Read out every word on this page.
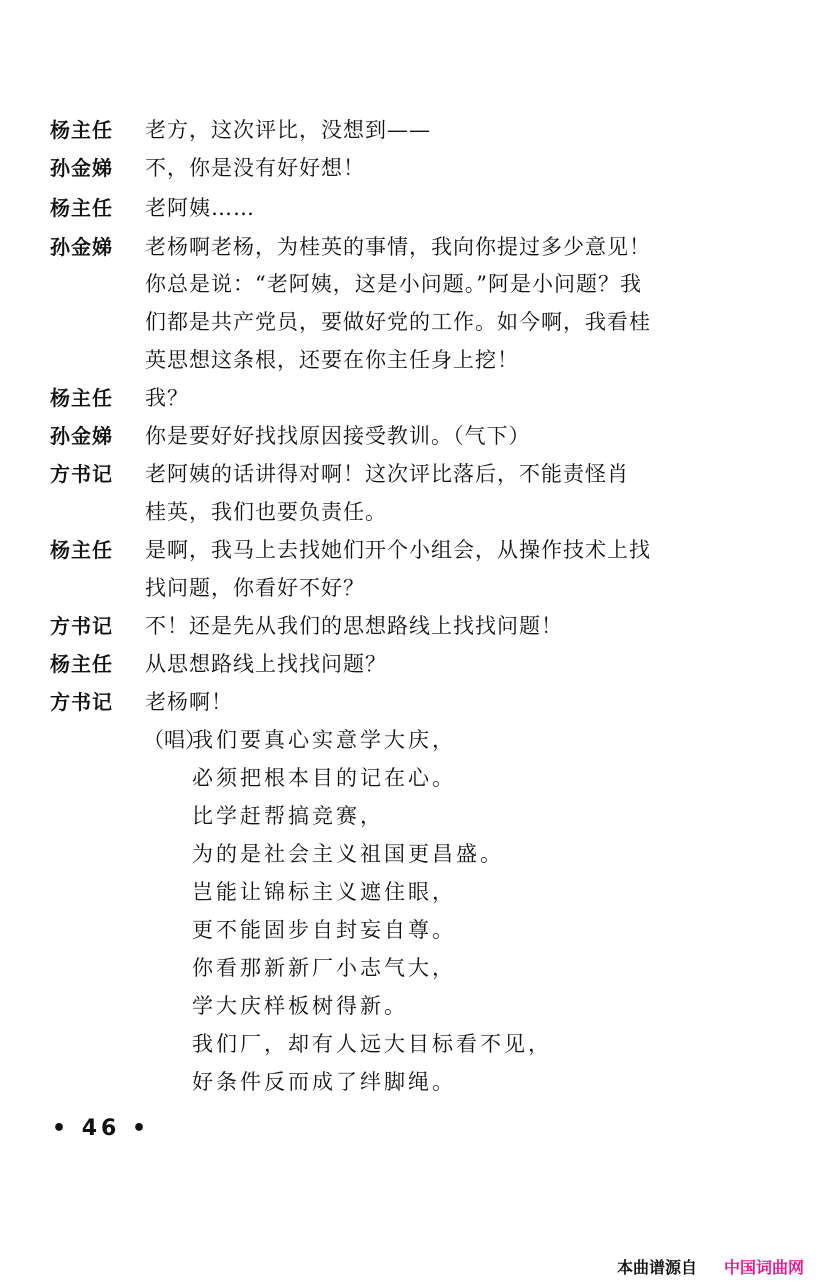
杨主任	老方，这次评比，没想到——
孙金娣	不，你是没有好好想！
杨主任	老阿姨……
孙金娣	老杨啊老杨，为桂英的事情，我向你提过多少意见！
你总是说：“老阿姨，这是小问题。”阿是小问题？我
们都是共产党员，要做好党的工作。如今啊，我看桂
英思想这条根，还要在你主任身上挖！
杨主任	我？
孙金娣	你是要好好找找原因接受教训。（气下）
方书记	老阿姨的话讲得对啊！这次评比落后，不能责怪肖
桂英，我们也要负责任。
杨主任	是啊，我马上去找她们开个小组会，从操作技术上找
找问题，你看好不好？
方书记	不！还是先从我们的思想路线上找找问题！
杨主任	从思想路线上找找问题？
方书记	老杨啊！
（唱）
我们要真心实意学大庆，
必须把根本目的记在心。
比学赶帮搞竞赛，
为的是社会主义祖国更昌盛。
岂能让锦标主义遮住眼，
更不能固步自封妄自尊。
你看那新新厂小志气大，
学大庆样板树得新。
我们厂，却有人远大目标看不见，
好条件反而成了绊脚绳。
• 46 •
本曲谱源自 中国词曲网
